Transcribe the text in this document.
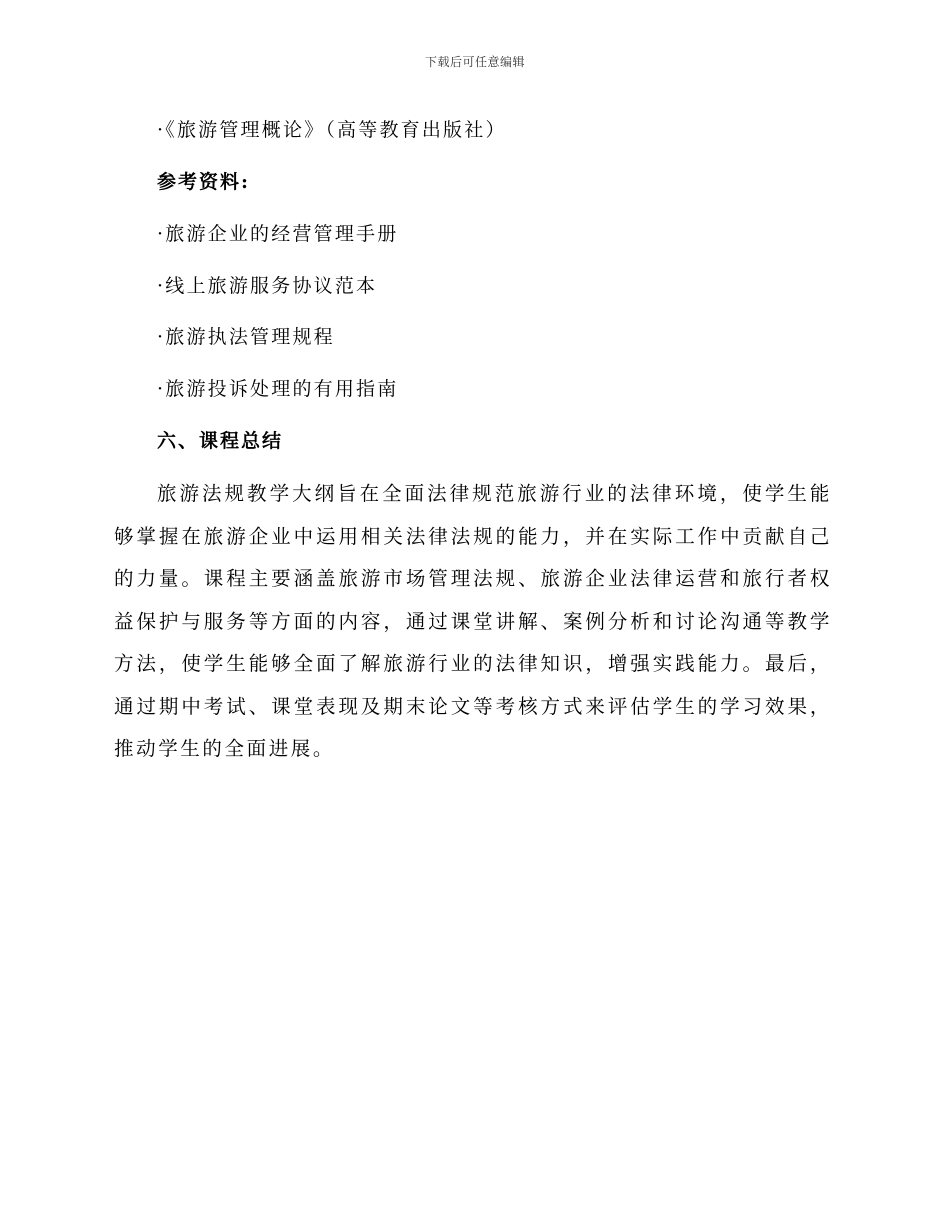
下载后可任意编辑
·《旅游管理概论》（高等教育出版社）
参考资料:
·旅游企业的经营管理手册
·线上旅游服务协议范本
·旅游执法管理规程
·旅游投诉处理的有用指南
六、课程总结
旅游法规教学大纲旨在全面法律规范旅游行业的法律环境，使学生能够掌握在旅游企业中运用相关法律法规的能力，并在实际工作中贡献自己的力量。课程主要涵盖旅游市场管理法规、旅游企业法律运营和旅行者权益保护与服务等方面的内容，通过课堂讲解、案例分析和讨论沟通等教学方法，使学生能够全面了解旅游行业的法律知识，增强实践能力。最后，通过期中考试、课堂表现及期末论文等考核方式来评估学生的学习效果，推动学生的全面进展。
